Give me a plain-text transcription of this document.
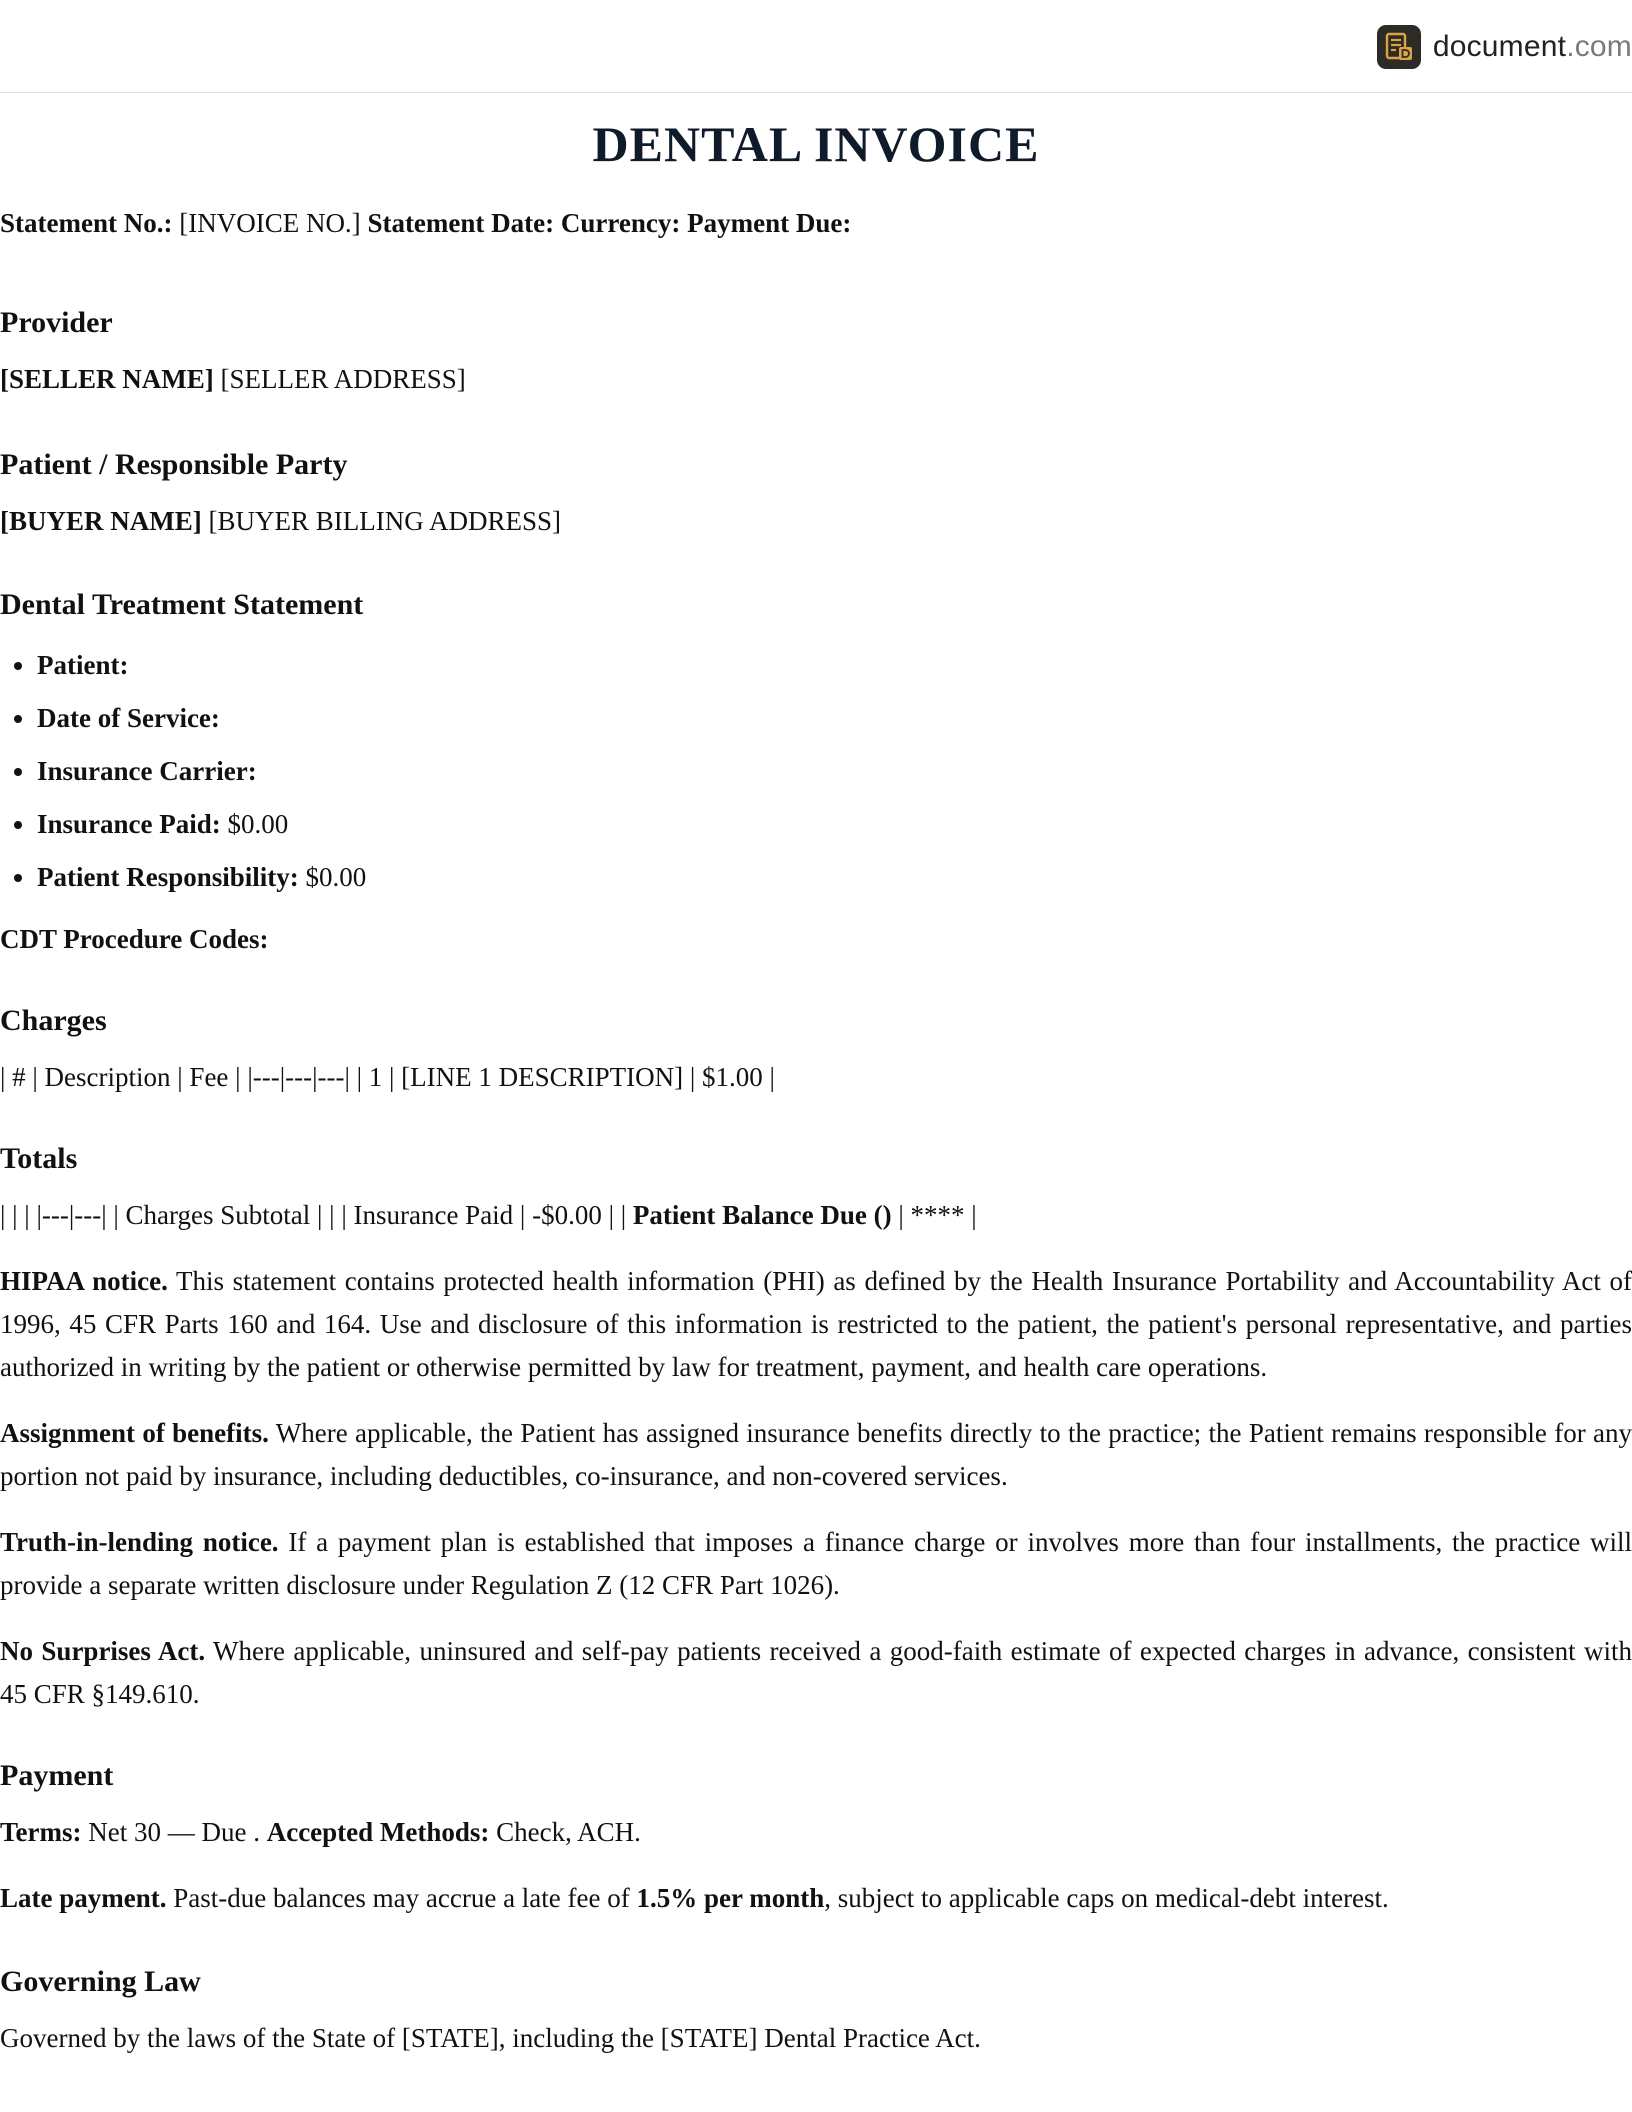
document.com
DENTAL INVOICE

Statement No.: [INVOICE NO.] Statement Date: Currency: Payment Due:

Provider

[SELLER NAME] [SELLER ADDRESS]

Patient / Responsible Party

[BUYER NAME] [BUYER BILLING ADDRESS]

Dental Treatment Statement
• Patient:
• Date of Service:
• Insurance Carrier:
• Insurance Paid: $0.00
• Patient Responsibility: $0.00

CDT Procedure Codes:

Charges

| # | Description | Fee | |---|---|---| | 1 | [LINE 1 DESCRIPTION] | $1.00 |

Totals

| | | |---|---| | Charges Subtotal | | | Insurance Paid | -$0.00 | | Patient Balance Due () | **** |

HIPAA notice. This statement contains protected health information (PHI) as defined by the Health Insurance Portability and Accountability Act of 1996, 45 CFR Parts 160 and 164. Use and disclosure of this information is restricted to the patient, the patient's personal representative, and parties authorized in writing by the patient or otherwise permitted by law for treatment, payment, and health care operations.

Assignment of benefits. Where applicable, the Patient has assigned insurance benefits directly to the practice; the Patient remains responsible for any portion not paid by insurance, including deductibles, co-insurance, and non-covered services.

Truth-in-lending notice. If a payment plan is established that imposes a finance charge or involves more than four installments, the practice will provide a separate written disclosure under Regulation Z (12 CFR Part 1026).

No Surprises Act. Where applicable, uninsured and self-pay patients received a good-faith estimate of expected charges in advance, consistent with 45 CFR §149.610.

Payment

Terms: Net 30 — Due . Accepted Methods: Check, ACH.

Late payment. Past-due balances may accrue a late fee of 1.5% per month, subject to applicable caps on medical-debt interest.

Governing Law

Governed by the laws of the State of [STATE], including the [STATE] Dental Practice Act.
